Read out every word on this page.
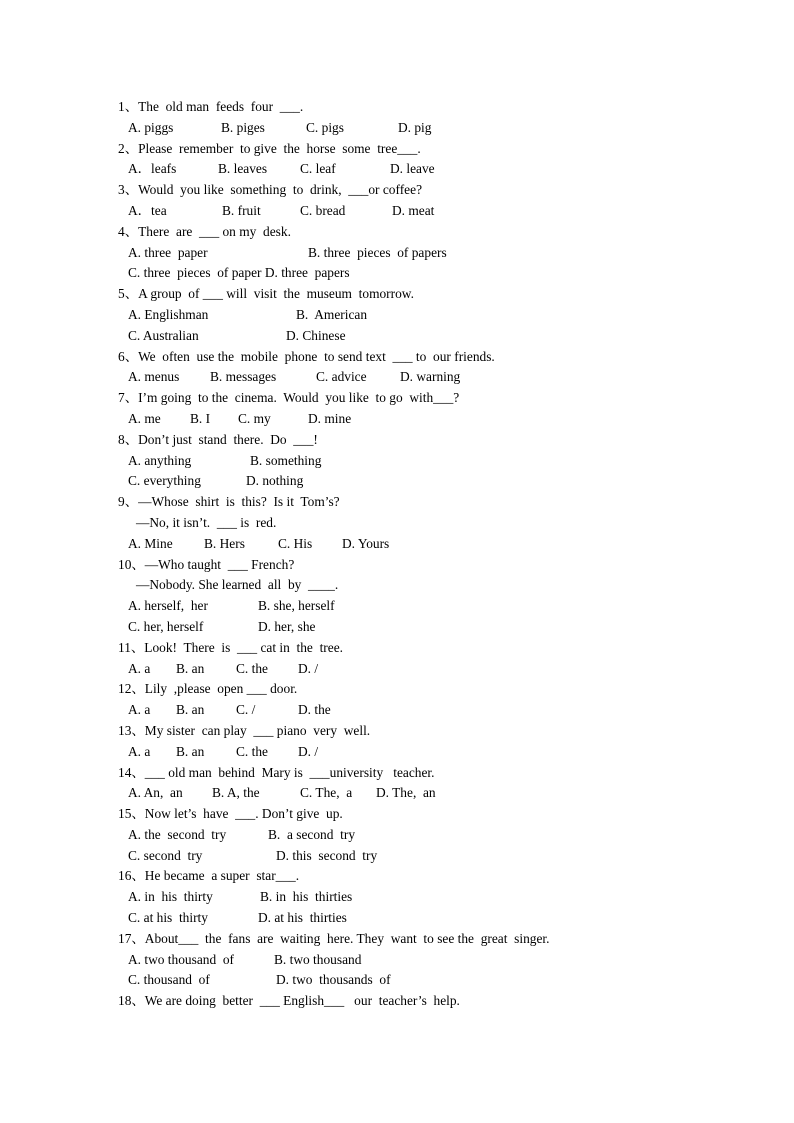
1、The  old man  feeds  four  ___.
A. piggs	B. piges	C. pigs	D. pig
2、Please  remember  to give  the  horse  some  tree___.
A．leafs	B. leaves C. leaf	D. leave
3、Would  you like  something  to  drink,  ___or coffee?
A．tea	B. fruit	C. bread	D. meat
4、There  are  ___ on my  desk.
A. three  paper	B. three  pieces  of papers
C. three  pieces  of paper D. three  papers
5、A group  of ___ will  visit  the  museum  tomorrow.
A. Englishman	B.  American
C. Australian	D. Chinese
6、We  often  use the  mobile  phone  to send text  ___ to  our friends.
A. menus B. messages	C. advice D. warning
7、I’m going  to the  cinema.  Would  you like  to go  with___?
A. me B. I C. my	D. mine
8、Don’t just  stand  there.  Do  ___!
A. anything	B. something
C. everything	D. nothing
9、—Whose  shirt  is  this?  Is it  Tom’s?
—No, it isn’t.  ___ is  red.
A. Mine B. Hers C. His D. Yours
10、—Who taught  ___ French?
—Nobody. She learned  all  by  ____.
A. herself,  her	B. she, herself
C. her, herself	D. her, she
11、Look!  There  is  ___ cat in  the  tree.
A. a B. an C. the D. /
12、Lily  ,please  open ___ door.
A. a B. an C. /	D. the
13、My sister  can play  ___ piano  very  well.
A. a B. an C. the D. /
14、___ old man  behind  Mary is  ___university   teacher.
A. An,  an B. A, the	C. The,  a D. The,  an
15、Now let’s  have  ___. Don’t give  up.
A. the  second  try	B.  a second  try
C. second  try	D. this  second  try
16、He became  a super  star___.
A. in  his  thirty	B. in  his  thirties
C. at his  thirty	D. at his  thirties
17、About___  the  fans  are  waiting  here. They  want  to see the  great  singer.
A. two thousand  of	B. two thousand
C. thousand  of	D. two  thousands  of
18、We are doing  better  ___ English___   our  teacher’s  help.
